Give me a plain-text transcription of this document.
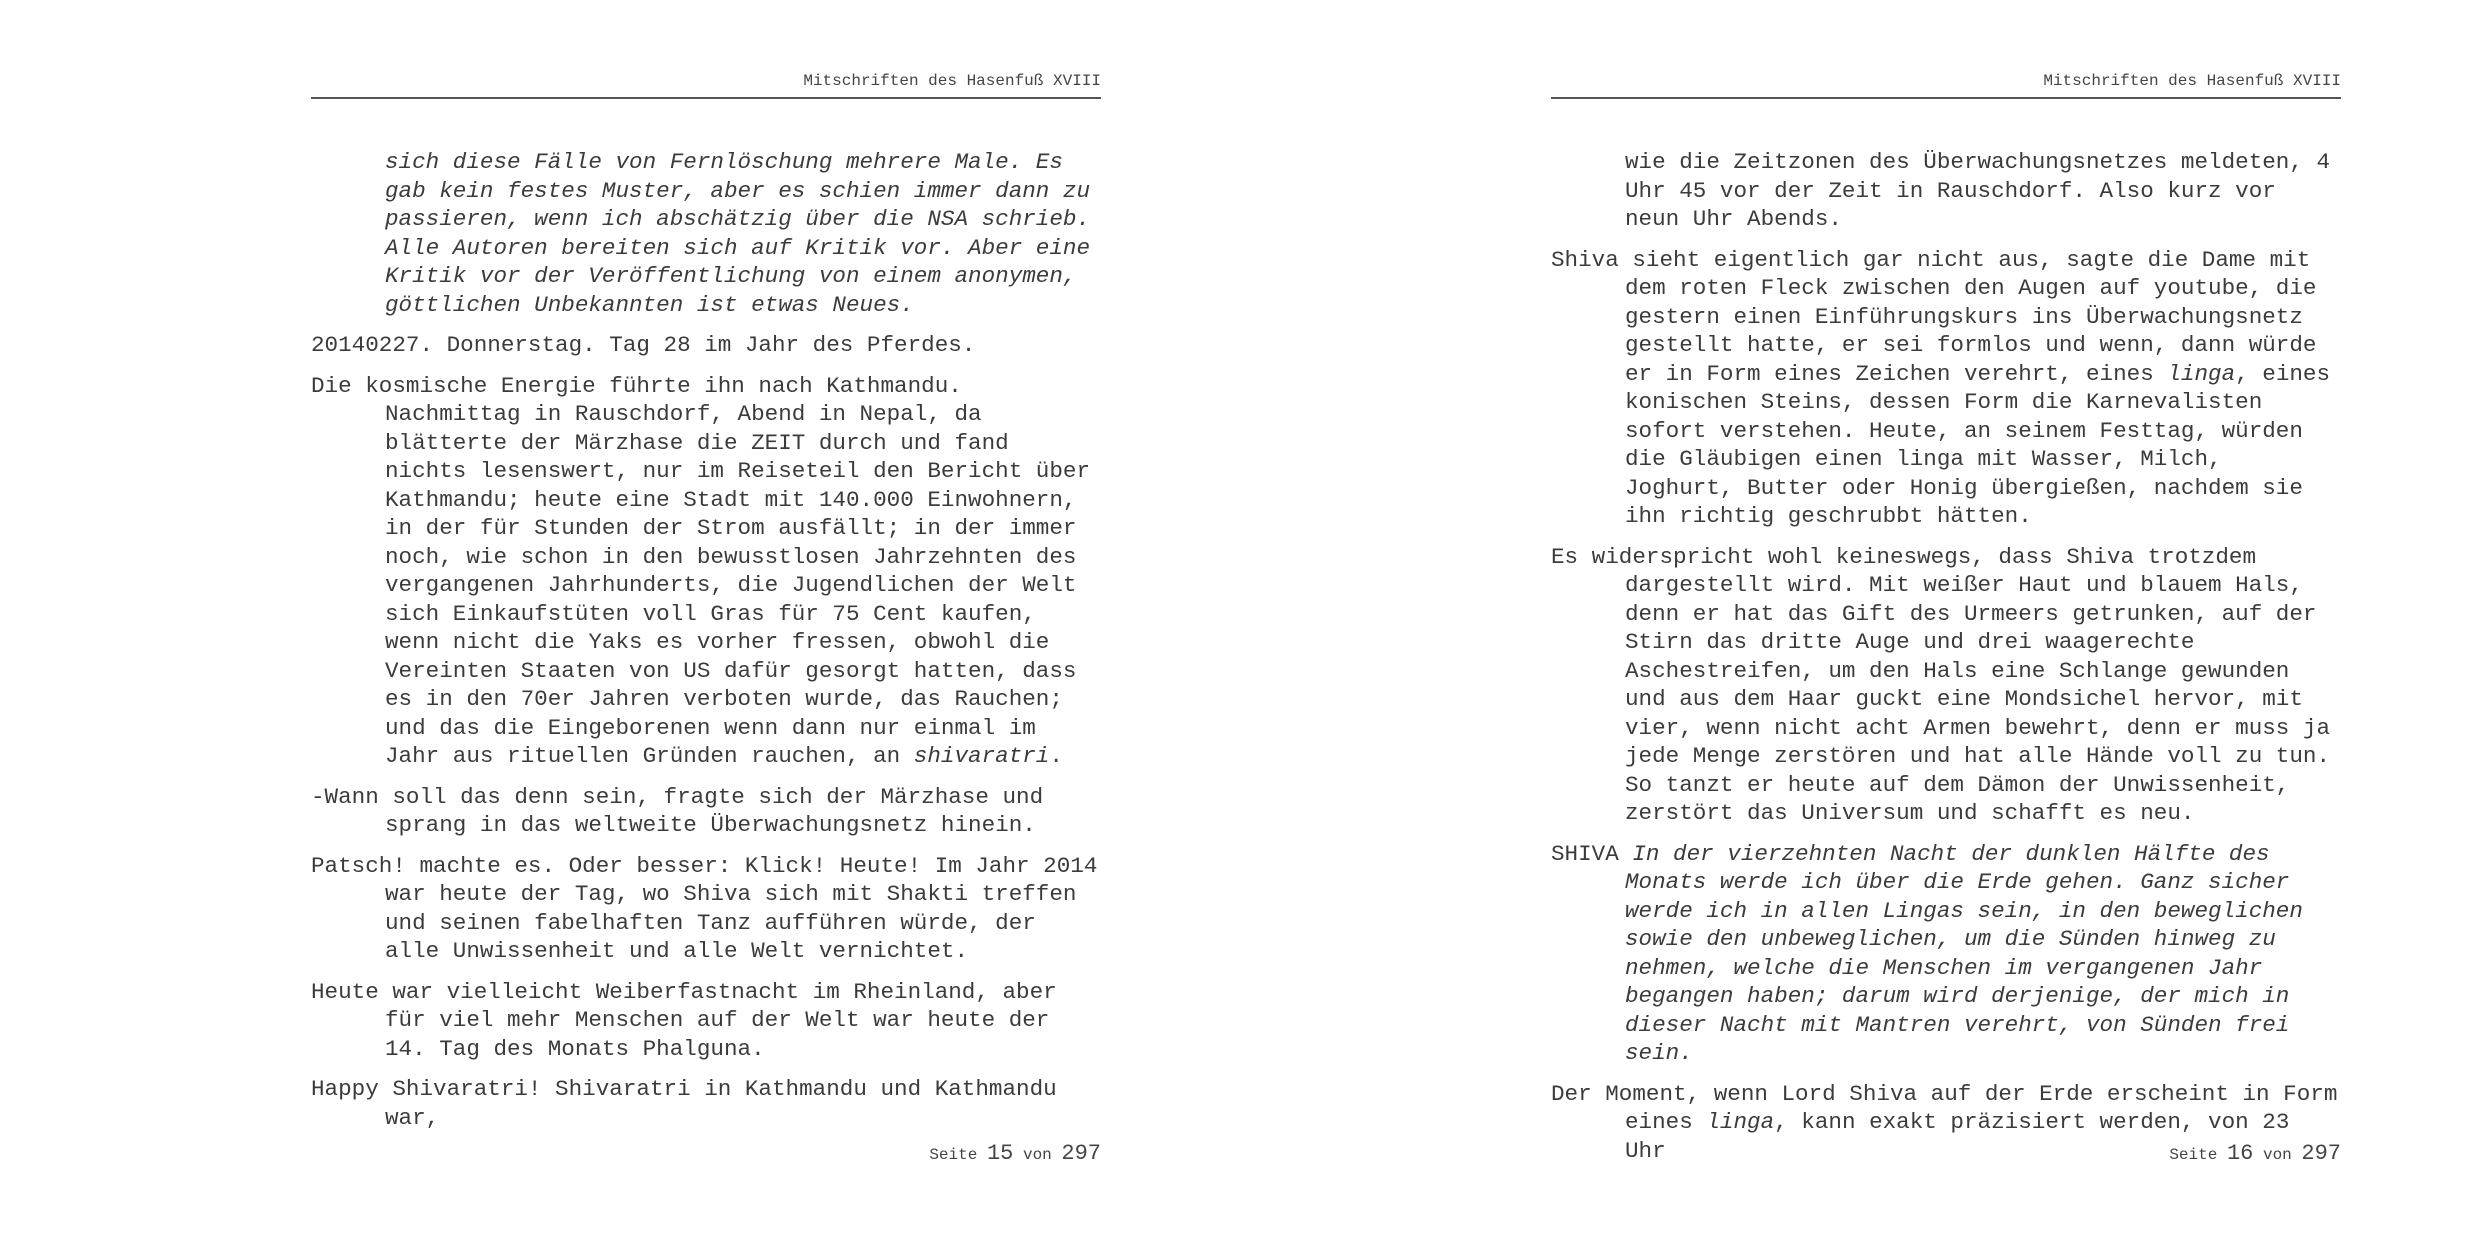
Mitschriften des Hasenfuß XVIII

sich diese Fälle von Fernlöschung mehrere Male. Es gab kein festes Muster, aber es schien immer dann zu passieren, wenn ich abschätzig über die NSA schrieb. Alle Autoren bereiten sich auf Kritik vor. Aber eine Kritik vor der Veröffentlichung von einem anonymen, göttlichen Unbekannten ist etwas Neues.

20140227. Donnerstag. Tag 28 im Jahr des Pferdes.

Die kosmische Energie führte ihn nach Kathmandu. Nachmittag in Rauschdorf, Abend in Nepal, da blätterte der Märzhase die ZEIT durch und fand nichts lesenswert, nur im Reiseteil den Bericht über Kathmandu; heute eine Stadt mit 140.000 Einwohnern, in der für Stunden der Strom ausfällt; in der immer noch, wie schon in den bewusstlosen Jahrzehnten des vergangenen Jahrhunderts, die Jugendlichen der Welt sich Einkaufstüten voll Gras für 75 Cent kaufen, wenn nicht die Yaks es vorher fressen, obwohl die Vereinten Staaten von US dafür gesorgt hatten, dass es in den 70er Jahren verboten wurde, das Rauchen; und das die Eingeborenen wenn dann nur einmal im Jahr aus rituellen Gründen rauchen, an shivaratri.

-Wann soll das denn sein, fragte sich der Märzhase und sprang in das weltweite Überwachungsnetz hinein.

Patsch! machte es. Oder besser: Klick! Heute! Im Jahr 2014 war heute der Tag, wo Shiva sich mit Shakti treffen und seinen fabelhaften Tanz aufführen würde, der alle Unwissenheit und alle Welt vernichtet.

Heute war vielleicht Weiberfastnacht im Rheinland, aber für viel mehr Menschen auf der Welt war heute der 14. Tag des Monats Phalguna.

Happy Shivaratri! Shivaratri in Kathmandu und Kathmandu war,

Seite 15 von 297
Mitschriften des Hasenfuß XVIII

wie die Zeitzonen des Überwachungsnetzes meldeten, 4 Uhr 45 vor der Zeit in Rauschdorf. Also kurz vor neun Uhr Abends.

Shiva sieht eigentlich gar nicht aus, sagte die Dame mit dem roten Fleck zwischen den Augen auf youtube, die gestern einen Einführungskurs ins Überwachungsnetz gestellt hatte, er sei formlos und wenn, dann würde er in Form eines Zeichen verehrt, eines linga, eines konischen Steins, dessen Form die Karnevalisten sofort verstehen. Heute, an seinem Festtag, würden die Gläubigen einen linga mit Wasser, Milch, Joghurt, Butter oder Honig übergießen, nachdem sie ihn richtig geschrubbt hätten.

Es widerspricht wohl keineswegs, dass Shiva trotzdem dargestellt wird. Mit weißer Haut und blauem Hals, denn er hat das Gift des Urmeers getrunken, auf der Stirn das dritte Auge und drei waagerechte Aschestreifen, um den Hals eine Schlange gewunden und aus dem Haar guckt eine Mondsichel hervor, mit vier, wenn nicht acht Armen bewehrt, denn er muss ja jede Menge zerstören und hat alle Hände voll zu tun. So tanzt er heute auf dem Dämon der Unwissenheit, zerstört das Universum und schafft es neu.

SHIVA In der vierzehnten Nacht der dunklen Hälfte des Monats werde ich über die Erde gehen. Ganz sicher werde ich in allen Lingas sein, in den beweglichen sowie den unbeweglichen, um die Sünden hinweg zu nehmen, welche die Menschen im vergangenen Jahr begangen haben; darum wird derjenige, der mich in dieser Nacht mit Mantren verehrt, von Sünden frei sein.

Der Moment, wenn Lord Shiva auf der Erde erscheint in Form eines linga, kann exakt präzisiert werden, von 23 Uhr	Seite 16 von 297
